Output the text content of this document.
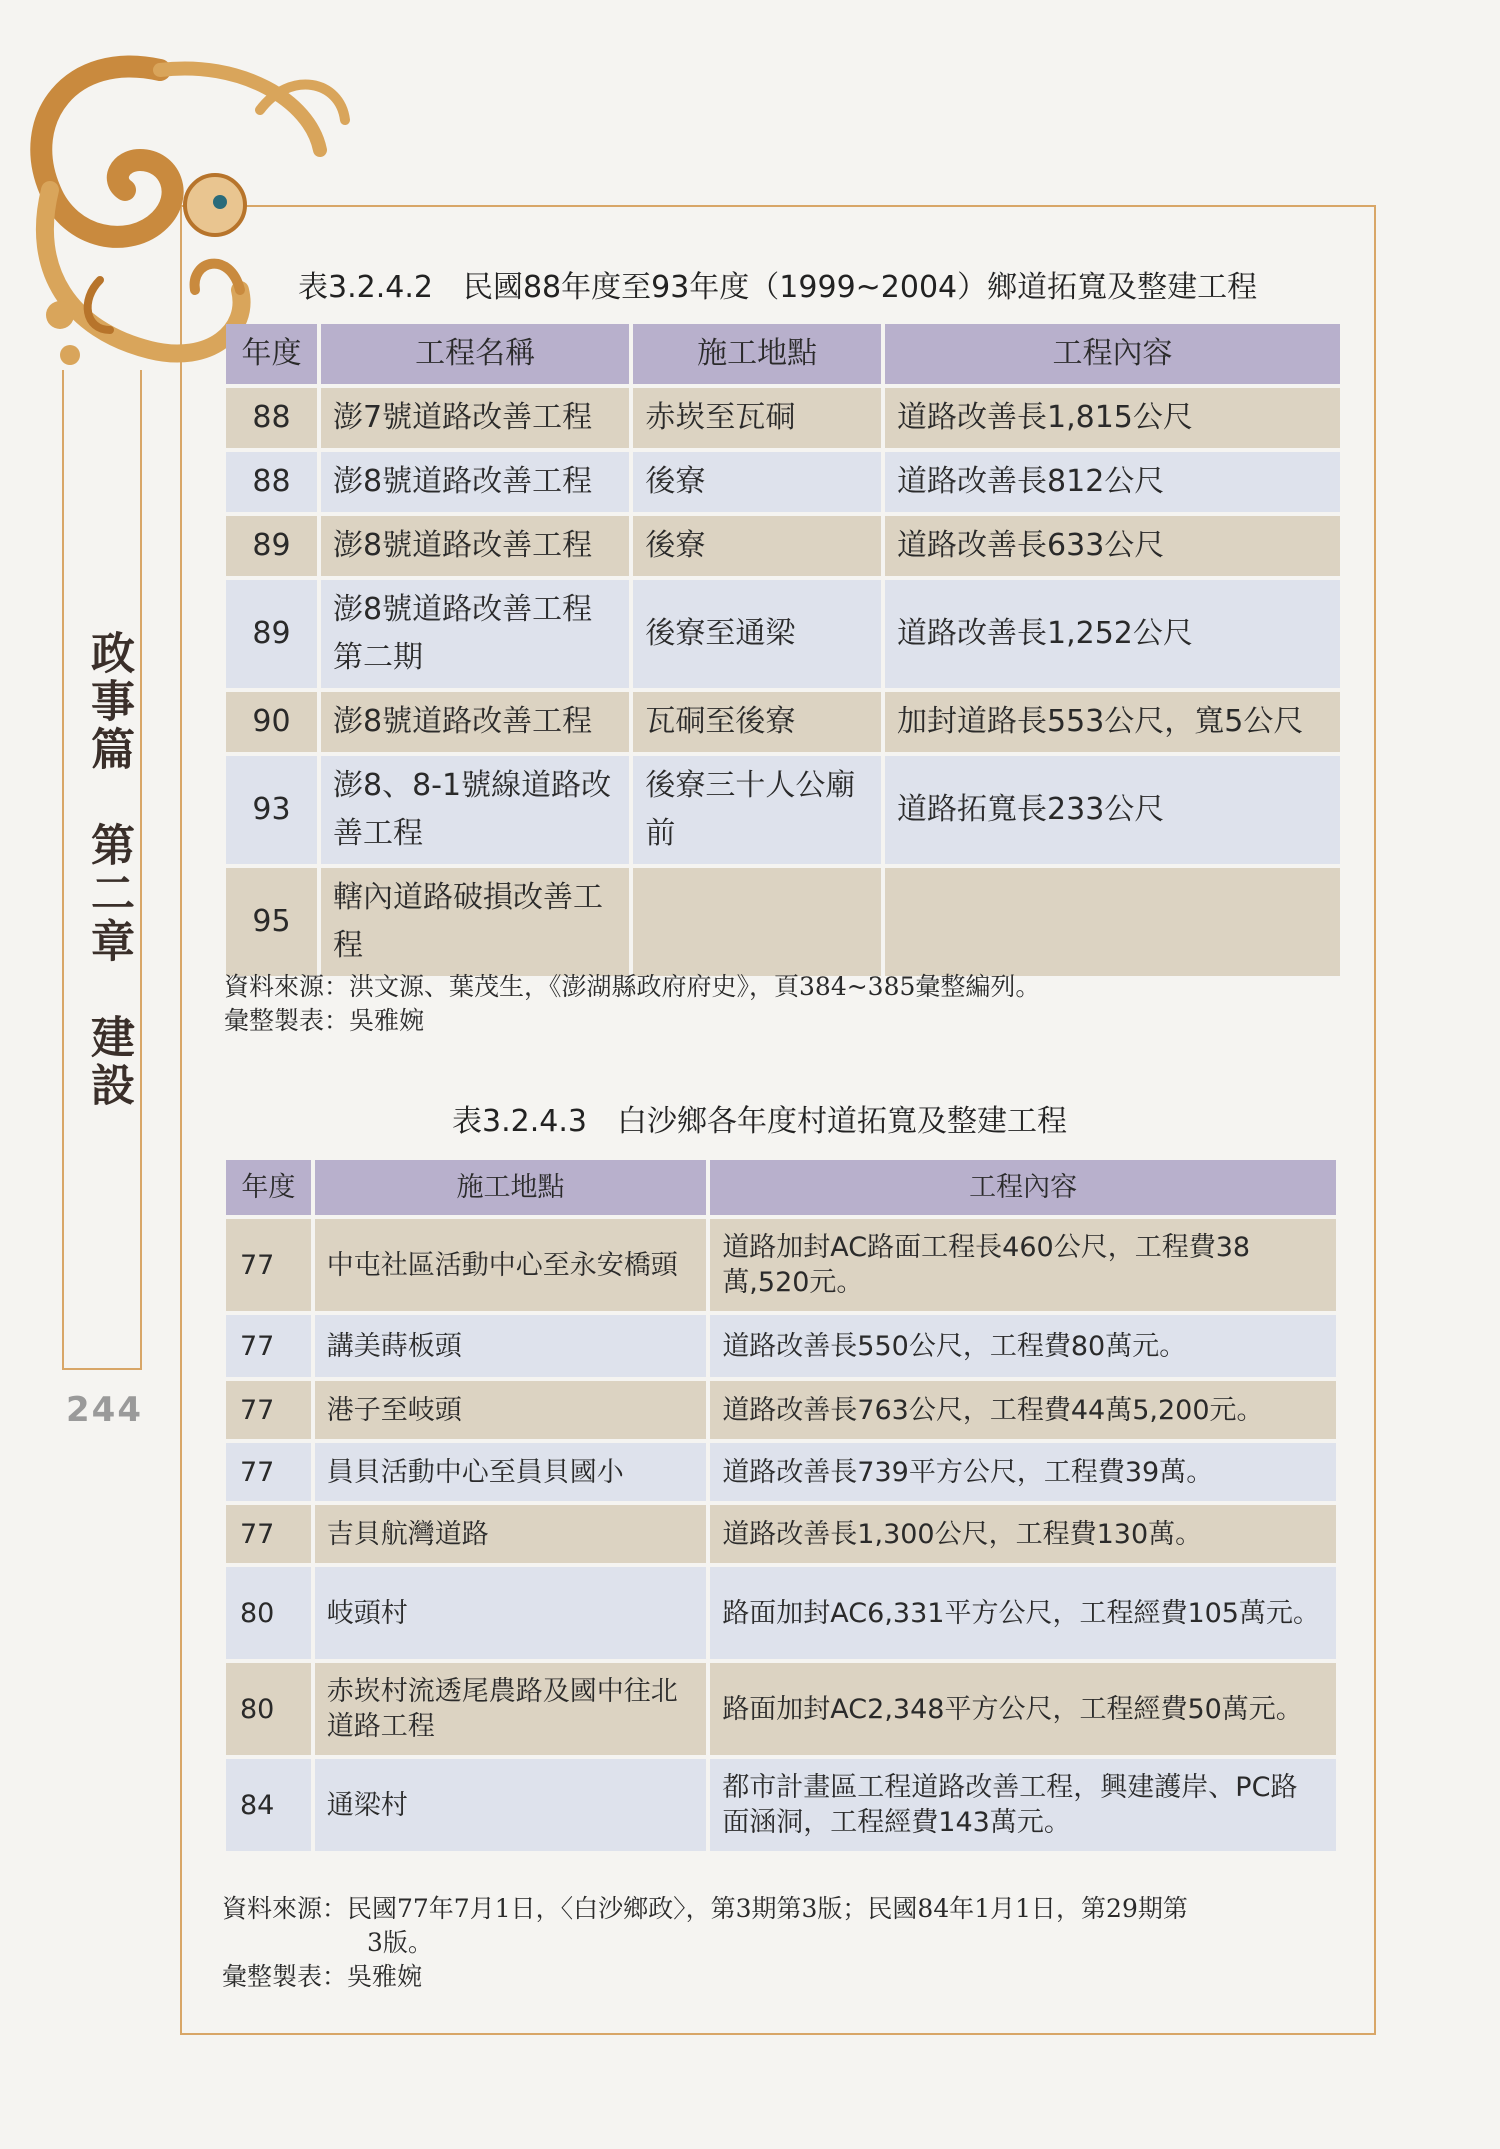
政事篇　第二章　建設
244
表3.2.4.2　民國88年度至93年度（1999~2004）鄉道拓寬及整建工程
年度	工程名稱	施工地點	工程內容
88	澎7號道路改善工程	赤崁至瓦硐	道路改善長1,815公尺
88	澎8號道路改善工程	後寮	道路改善長812公尺
89	澎8號道路改善工程	後寮	道路改善長633公尺
89	澎8號道路改善工程第二期	後寮至通梁	道路改善長1,252公尺
90	澎8號道路改善工程	瓦硐至後寮	加封道路長553公尺，寬5公尺
93	澎8、8-1號線道路改善工程	後寮三十人公廟前	道路拓寬長233公尺
95	轄內道路破損改善工程		
資料來源：洪文源、葉茂生，《澎湖縣政府府史》，頁384~385彙整編列。
彙整製表：吳雅婉
表3.2.4.3　白沙鄉各年度村道拓寬及整建工程
年度	施工地點	工程內容
77	中屯社區活動中心至永安橋頭	道路加封AC路面工程長460公尺，工程費38萬,520元。
77	講美蒔板頭	道路改善長550公尺，工程費80萬元。
77	港子至岐頭	道路改善長763公尺，工程費44萬5,200元。
77	員貝活動中心至員貝國小	道路改善長739平方公尺，工程費39萬。
77	吉貝航灣道路	道路改善長1,300公尺，工程費130萬。
80	岐頭村	路面加封AC6,331平方公尺，工程經費105萬元。
80	赤崁村流透尾農路及國中往北道路工程	路面加封AC2,348平方公尺，工程經費50萬元。
84	通梁村	都市計畫區工程道路改善工程，興建護岸、PC路面涵洞，工程經費143萬元。
資料來源：民國77年7月1日，〈白沙鄉政〉，第3期第3版；民國84年1月1日，第29期第
3版。
彙整製表：吳雅婉
